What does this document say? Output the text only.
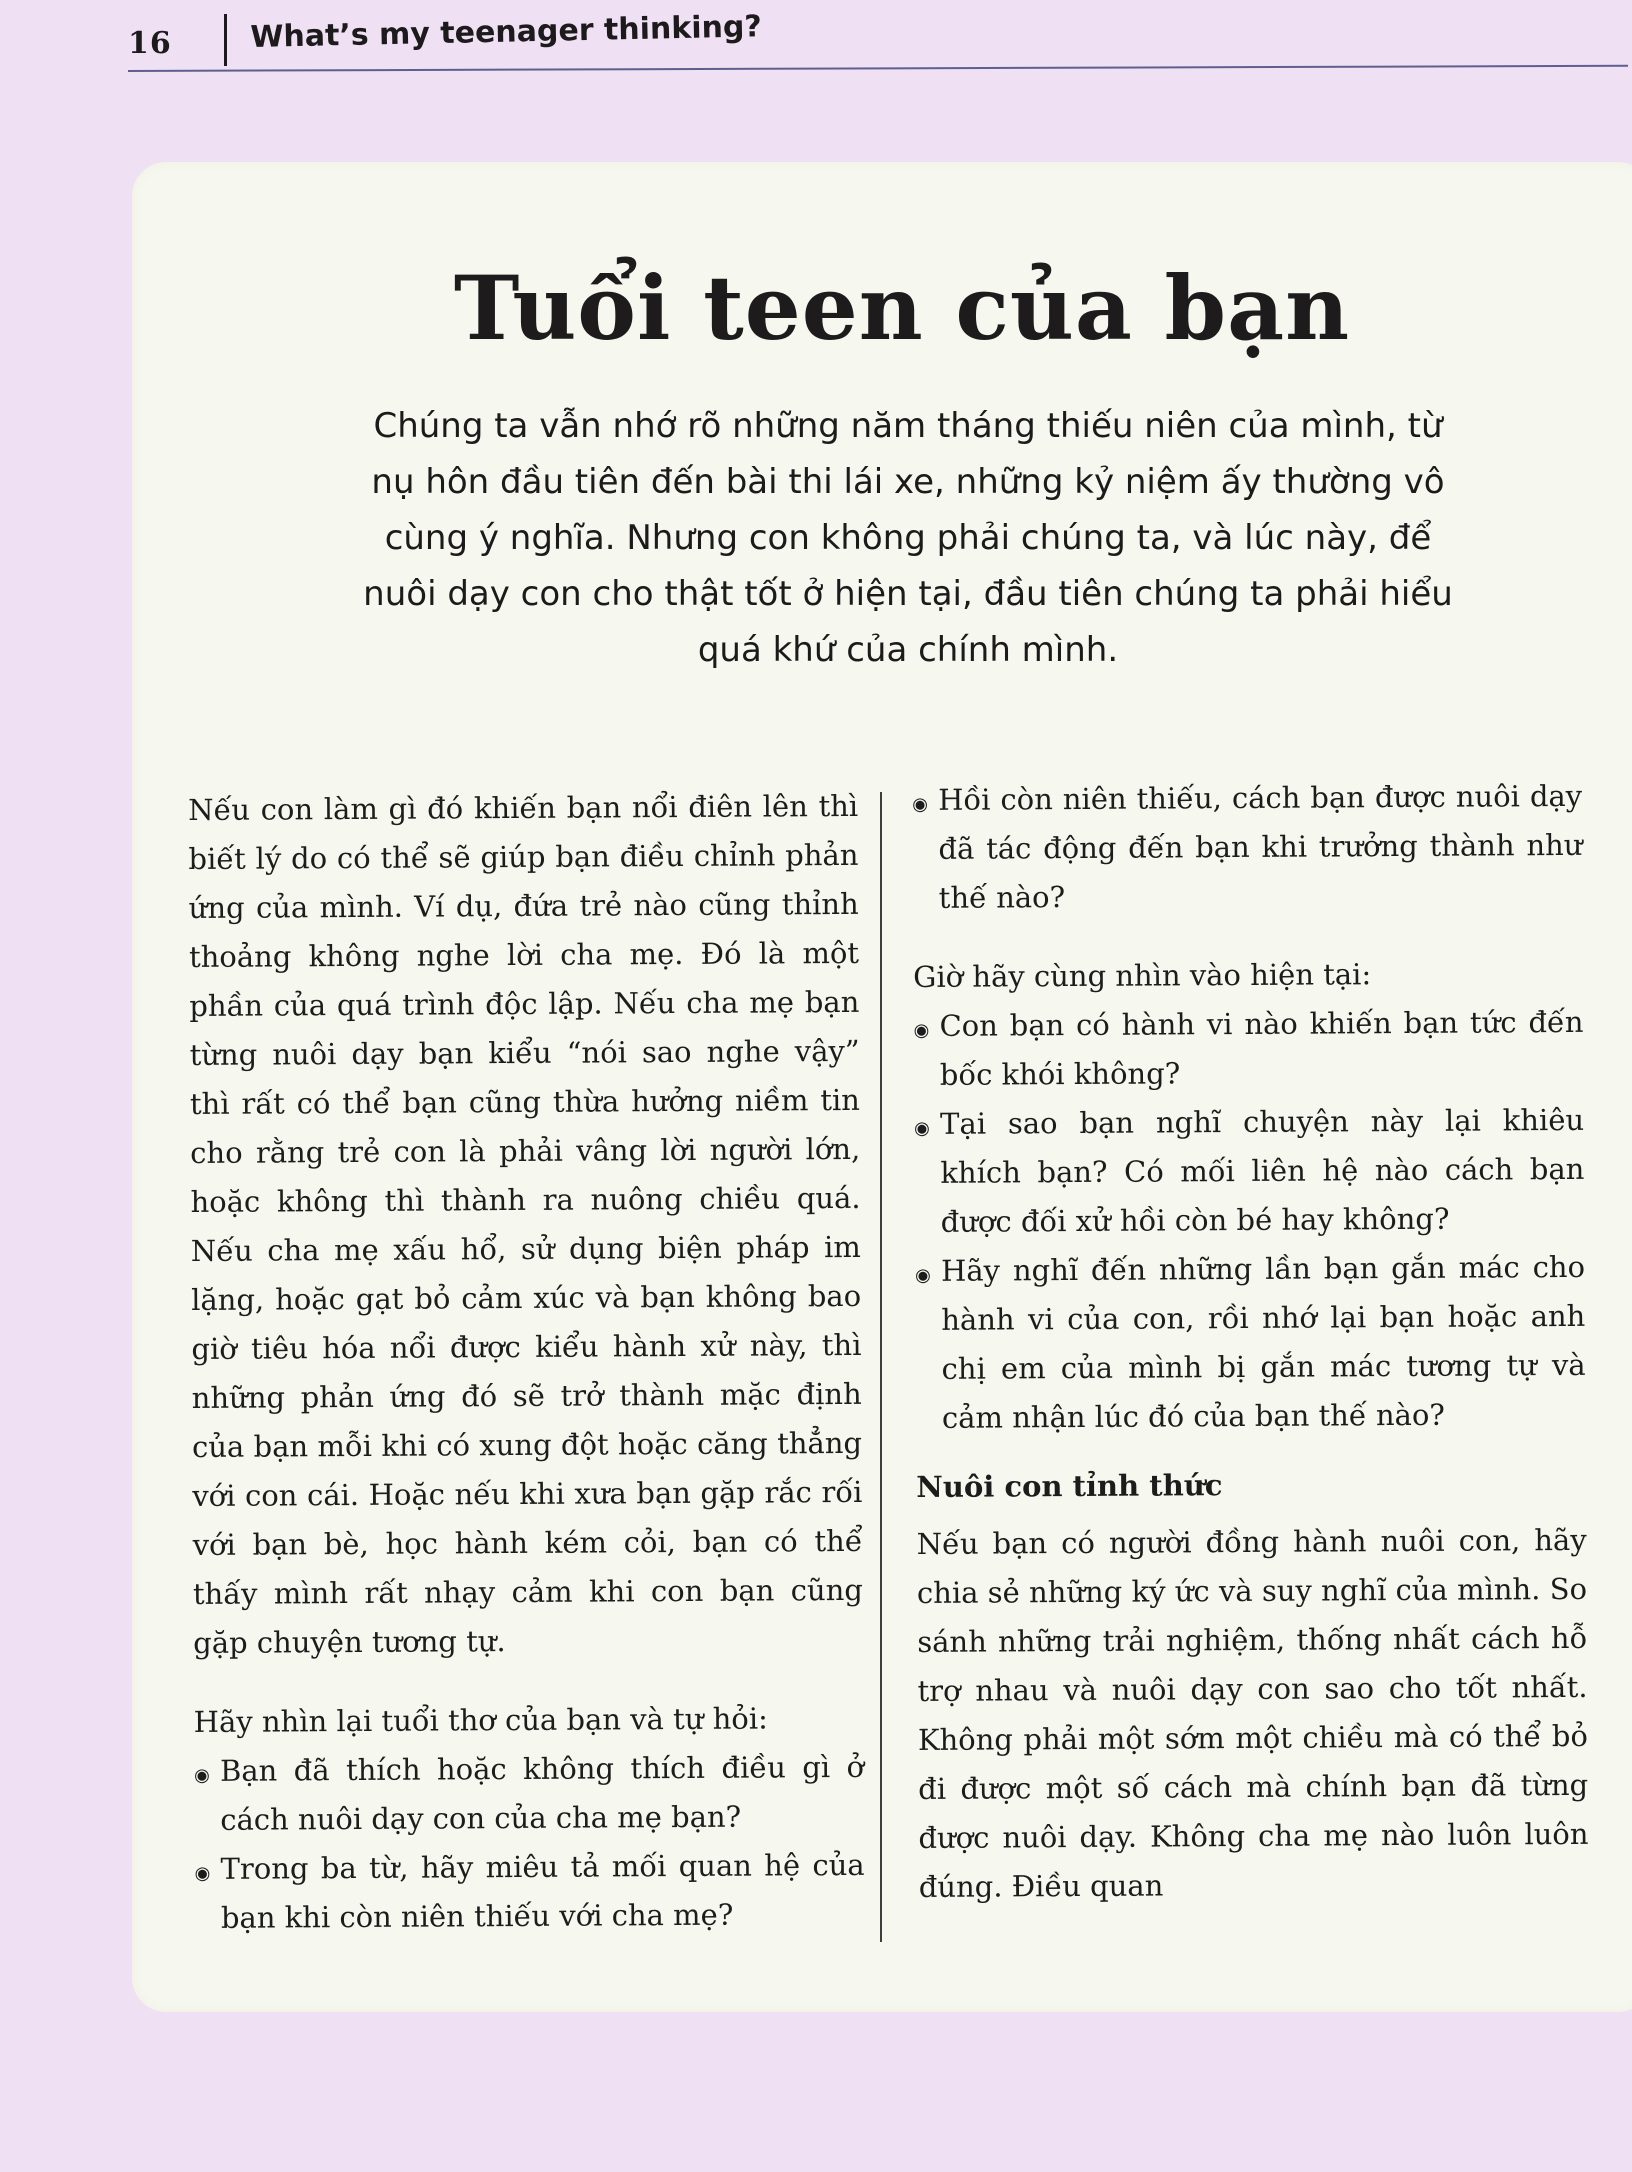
16	What’s my teenager thinking?
Tuổi teen của bạn
Chúng ta vẫn nhớ rõ những năm tháng thiếu niên của mình, từ nụ hôn đầu tiên đến bài thi lái xe, những kỷ niệm ấy thường vô cùng ý nghĩa. Nhưng con không phải chúng ta, và lúc này, để nuôi dạy con cho thật tốt ở hiện tại, đầu tiên chúng ta phải hiểu quá khứ của chính mình.

Nếu con làm gì đó khiến bạn nổi điên lên thì biết lý do có thể sẽ giúp bạn điều chỉnh phản ứng của mình. Ví dụ, đứa trẻ nào cũng thỉnh thoảng không nghe lời cha mẹ. Đó là một phần của quá trình độc lập. Nếu cha mẹ bạn từng nuôi dạy bạn kiểu “nói sao nghe vậy” thì rất có thể bạn cũng thừa hưởng niềm tin cho rằng trẻ con là phải vâng lời người lớn, hoặc không thì thành ra nuông chiều quá. Nếu cha mẹ xấu hổ, sử dụng biện pháp im lặng, hoặc gạt bỏ cảm xúc và bạn không bao giờ tiêu hóa nổi được kiểu hành xử này, thì những phản ứng đó sẽ trở thành mặc định của bạn mỗi khi có xung đột hoặc căng thẳng với con cái. Hoặc nếu khi xưa bạn gặp rắc rối với bạn bè, học hành kém cỏi, bạn có thể thấy mình rất nhạy cảm khi con bạn cũng gặp chuyện tương tự.

Hãy nhìn lại tuổi thơ của bạn và tự hỏi:

◉ Bạn đã thích hoặc không thích điều gì ở cách nuôi dạy con của cha mẹ bạn?
◉ Trong ba từ, hãy miêu tả mối quan hệ của bạn khi còn niên thiếu với cha mẹ?
◉ Hồi còn niên thiếu, cách bạn được nuôi dạy đã tác động đến bạn khi trưởng thành như thế nào?

Giờ hãy cùng nhìn vào hiện tại:

◉ Con bạn có hành vi nào khiến bạn tức đến bốc khói không?
◉ Tại sao bạn nghĩ chuyện này lại khiêu khích bạn? Có mối liên hệ nào cách bạn được đối xử hồi còn bé hay không?
◉ Hãy nghĩ đến những lần bạn gắn mác cho hành vi của con, rồi nhớ lại bạn hoặc anh chị em của mình bị gắn mác tương tự và cảm nhận lúc đó của bạn thế nào?
Nuôi con tỉnh thức

Nếu bạn có người đồng hành nuôi con, hãy chia sẻ những ký ức và suy nghĩ của mình. So sánh những trải nghiệm, thống nhất cách hỗ trợ nhau và nuôi dạy con sao cho tốt nhất. Không phải một sớm một chiều mà có thể bỏ đi được một số cách mà chính bạn đã từng được nuôi dạy. Không cha mẹ nào luôn luôn đúng. Điều quan
